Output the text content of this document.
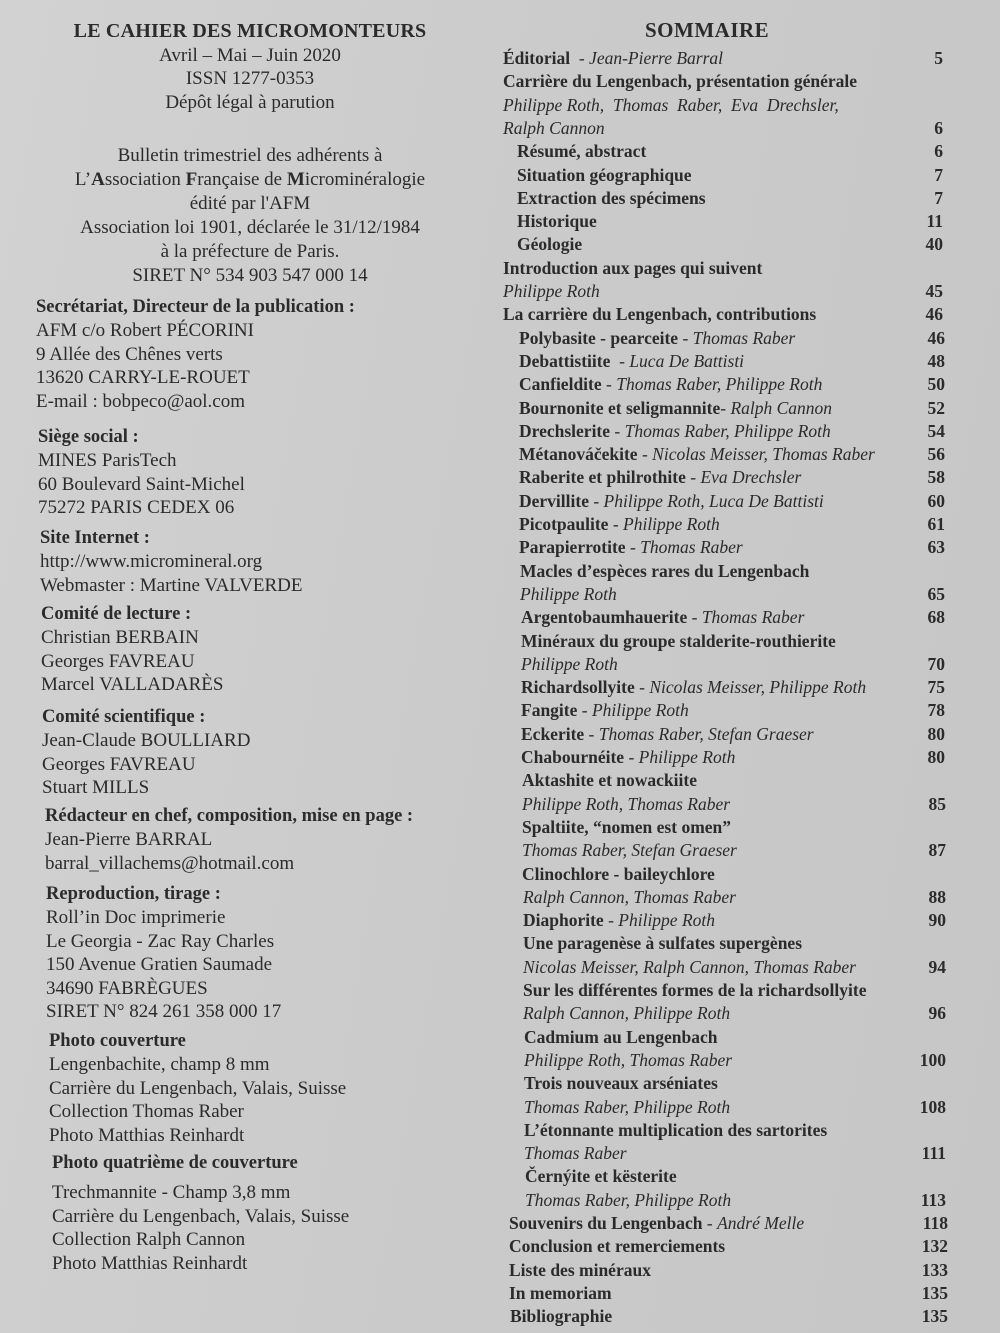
LE CAHIER DES MICROMONTEURS
Avril – Mai – Juin 2020
ISSN 1277-0353
Dépôt légal à parution
Bulletin trimestriel des adhérents à
L’Association Française de Microminéralogie
édité par l'AFM
Association loi 1901, déclarée le 31/12/1984
à la préfecture de Paris.
SIRET N° 534 903 547 000 14
Secrétariat, Directeur de la publication :
AFM c/o Robert PÉCORINI
9 Allée des Chênes verts
13620 CARRY-LE-ROUET
E-mail : bobpeco@aol.com
Siège social :
MINES ParisTech
60 Boulevard Saint-Michel
75272 PARIS CEDEX 06
Site Internet :
http://www.micromineral.org
Webmaster : Martine VALVERDE
Comité de lecture :
Christian BERBAIN
Georges FAVREAU
Marcel VALLADARÈS
Comité scientifique :
Jean-Claude BOULLIARD
Georges FAVREAU
Stuart MILLS
Rédacteur en chef, composition, mise en page :
Jean-Pierre BARRAL
barral_villachems@hotmail.com
Reproduction, tirage :
Roll’in Doc imprimerie
Le Georgia - Zac Ray Charles
150 Avenue Gratien Saumade
34690 FABRÈGUES
SIRET N° 824 261 358 000 17
Photo couverture
Lengenbachite, champ 8 mm
Carrière du Lengenbach, Valais, Suisse
Collection Thomas Raber
Photo Matthias Reinhardt
Photo quatrième de couverture
Trechmannite - Champ 3,8 mm
Carrière du Lengenbach, Valais, Suisse
Collection Ralph Cannon
Photo Matthias Reinhardt
SOMMAIRE
Éditorial  - Jean-Pierre Barral	5
Carrière du Lengenbach, présentation générale
Philippe Roth,  Thomas  Raber,  Eva  Drechsler,
Ralph Cannon	6
Résumé, abstract	6
Situation géographique	7
Extraction des spécimens	7
Historique	11
Géologie	40
Introduction aux pages qui suivent
Philippe Roth	45
La carrière du Lengenbach, contributions	46
Polybasite - pearceite - Thomas Raber	46
Debattistiite  - Luca De Battisti	48
Canfieldite - Thomas Raber, Philippe Roth	50
Bournonite et seligmannite- Ralph Cannon	52
Drechslerite - Thomas Raber, Philippe Roth	54
Métanováčekite - Nicolas Meisser, Thomas Raber	56
Raberite et philrothite - Eva Drechsler	58
Dervillite - Philippe Roth, Luca De Battisti	60
Picotpaulite - Philippe Roth	61
Parapierrotite - Thomas Raber	63
Macles d’espèces rares du Lengenbach
Philippe Roth	65
Argentobaumhauerite - Thomas Raber	68
Minéraux du groupe stalderite-routhierite
Philippe Roth	70
Richardsollyite - Nicolas Meisser, Philippe Roth	75
Fangite - Philippe Roth	78
Eckerite - Thomas Raber, Stefan Graeser	80
Chabournéite - Philippe Roth	80
Aktashite et nowackiite
Philippe Roth, Thomas Raber	85
Spaltiite, “nomen est omen”
Thomas Raber, Stefan Graeser	87
Clinochlore - baileychlore
Ralph Cannon, Thomas Raber	88
Diaphorite - Philippe Roth	90
Une paragenèse à sulfates supergènes
Nicolas Meisser, Ralph Cannon, Thomas Raber	94
Sur les différentes formes de la richardsollyite
Ralph Cannon, Philippe Roth	96
Cadmium au Lengenbach
Philippe Roth, Thomas Raber	100
Trois nouveaux arséniates
Thomas Raber, Philippe Roth	108
L’étonnante multiplication des sartorites
Thomas Raber	111
Černýite et kësterite
Thomas Raber, Philippe Roth	113
Souvenirs du Lengenbach - André Melle	118
Conclusion et remerciements	132
Liste des minéraux	133
In memoriam	135
Bibliographie	135
